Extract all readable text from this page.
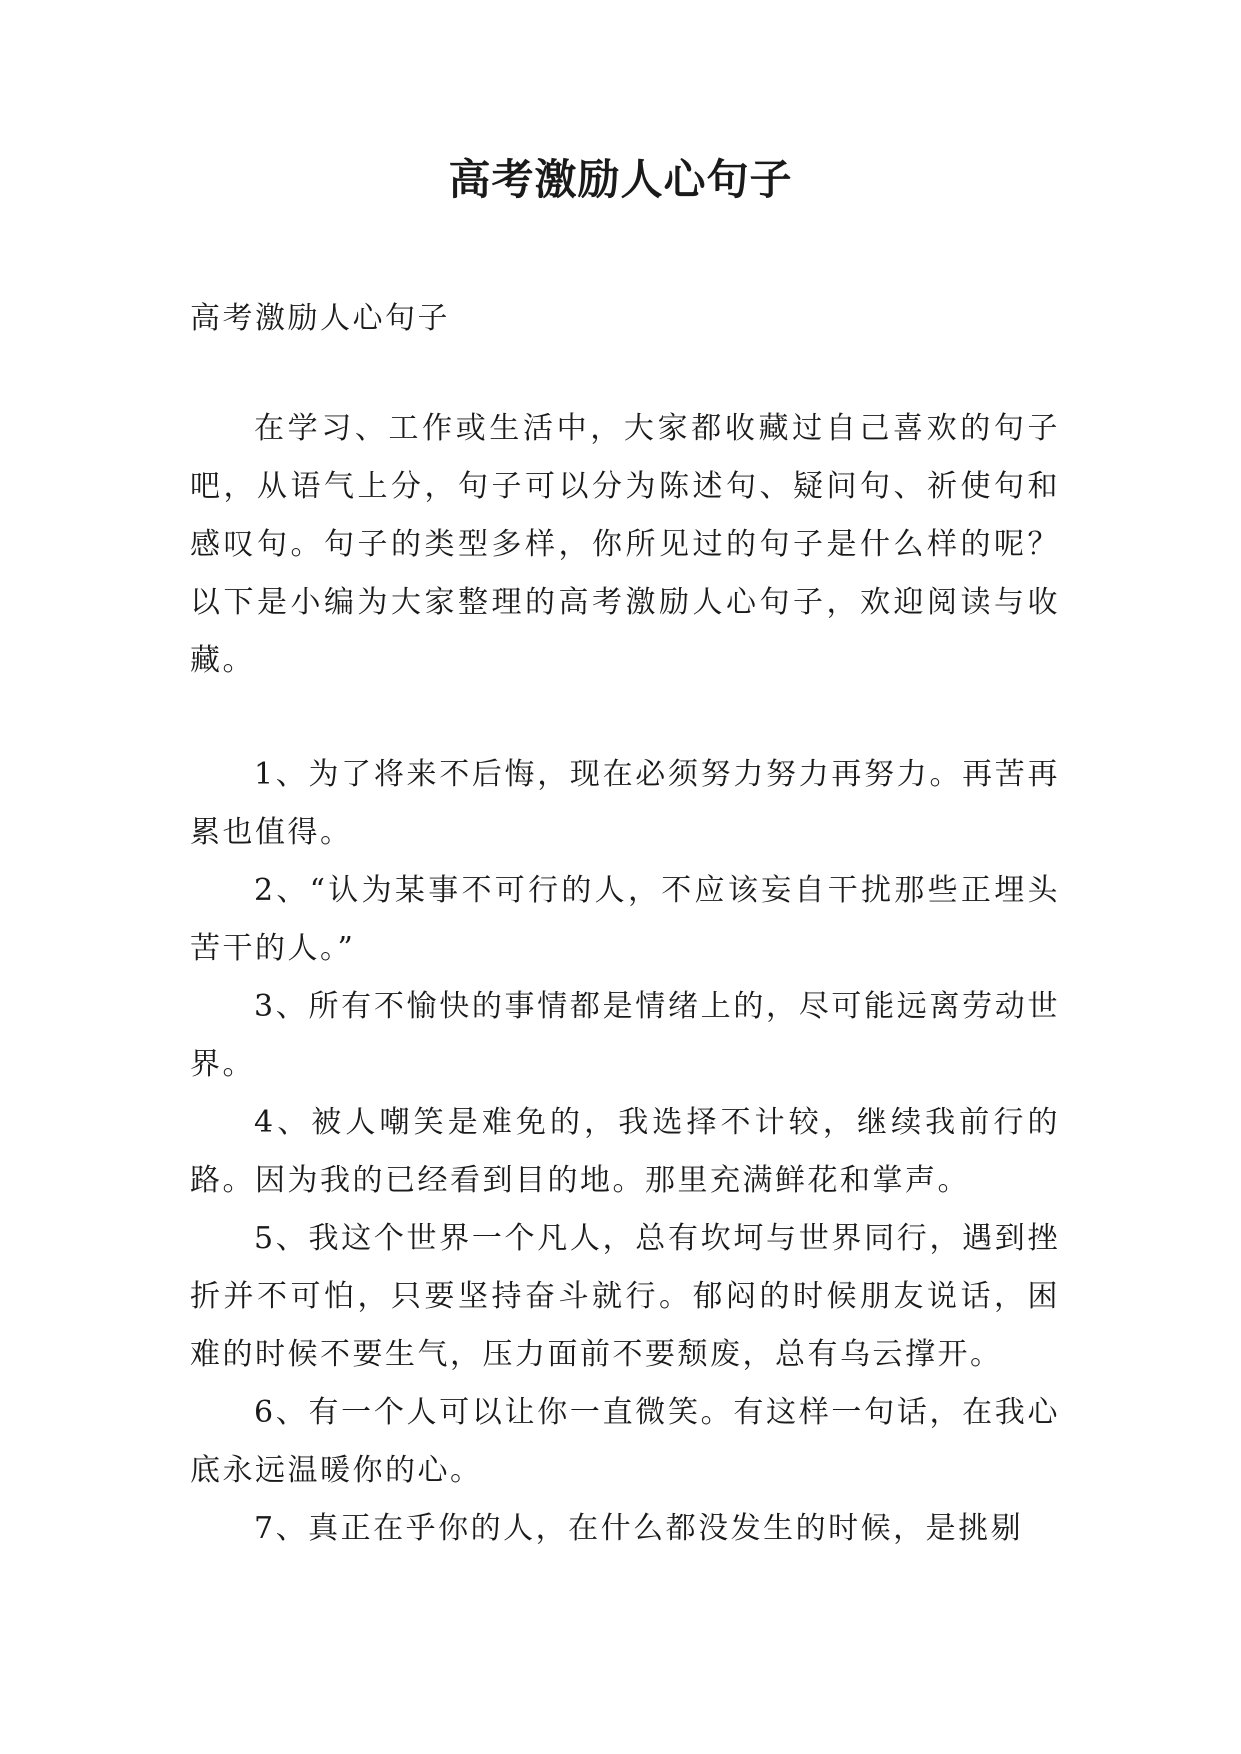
高考激励人心句子

高考激励人心句子

在学习、工作或生活中，大家都收藏过自己喜欢的句子吧，从语气上分，句子可以分为陈述句、疑问句、祈使句和感叹句。句子的类型多样，你所见过的句子是什么样的呢？以下是小编为大家整理的高考激励人心句子，欢迎阅读与收藏。

1、为了将来不后悔，现在必须努力努力再努力。再苦再累也值得。

2、“认为某事不可行的人，不应该妄自干扰那些正埋头苦干的人。”

3、所有不愉快的事情都是情绪上的，尽可能远离劳动世界。

4、被人嘲笑是难免的，我选择不计较，继续我前行的路。因为我的已经看到目的地。那里充满鲜花和掌声。

5、我这个世界一个凡人，总有坎坷与世界同行，遇到挫折并不可怕，只要坚持奋斗就行。郁闷的时候朋友说话，困难的时候不要生气，压力面前不要颓废，总有乌云撑开。

6、有一个人可以让你一直微笑。有这样一句话，在我心底永远温暖你的心。

7、真正在乎你的人，在什么都没发生的时候，是挑剔
